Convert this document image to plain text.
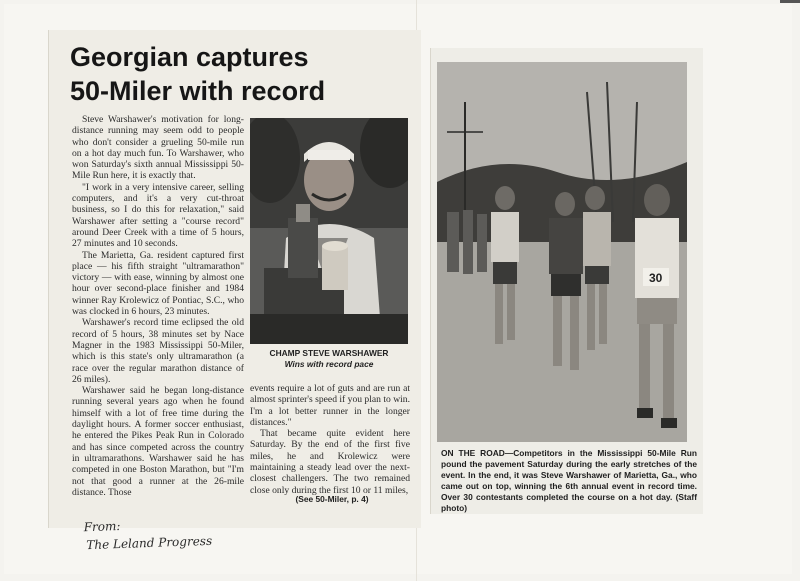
Georgian captures
50-Miler with record

Steve Warshawer's motivation for long-distance running may seem odd to people who don't consider a grueling 50-mile run on a hot day much fun. To Warshawer, who won Saturday's sixth annual Mississippi 50-Mile Run here, it is exactly that.

"I work in a very intensive career, selling computers, and it's a very cut-throat business, so I do this for relaxation," said Warshawer after setting a "course record" around Deer Creek with a time of 5 hours, 27 minutes and 10 seconds.

The Marietta, Ga. resident captured first place — his fifth straight "ultramarathon" victory — with ease, winning by almost one hour over second-place finisher and 1984 winner Ray Krolewicz of Pontiac, S.C., who was clocked in 6 hours, 23 minutes.

Warshawer's record time eclipsed the old record of 5 hours, 38 minutes set by Nace Magner in the 1983 Mississippi 50-Miler, which is this state's only ultramarathon (a race over the regular marathon distance of 26 miles).

Warshawer said he began long-distance running several years ago when he found himself with a lot of free time during the daylight hours. A former soccer enthusiast, he entered the Pikes Peak Run in Colorado and has since competed across the country in ultramarathons. Warshawer said he has competed in one Boston Marathon, but "I'm not that good a runner at the 26-mile distance. Those

CHAMP STEVE WARSHAWER
Wins with record pace

events require a lot of guts and are run at almost sprinter's speed if you plan to win. I'm a lot better runner in the longer distances."

That became quite evident here Saturday. By the end of the first five miles, he and Krolewicz were maintaining a steady lead over the next-closest challengers. The two remained close only during the first 10 or 11 miles,

(See 50-Miler, p. 4)
30
ON THE ROAD—Competitors in the Mississippi 50-Mile Run pound the pavement Saturday during the early stretches of the event. In the end, it was Steve Warshawer of Marietta, Ga., who came out on top, winning the 6th annual event in record time. Over 30 contestants completed the course on a hot day. (Staff photo)
From:
The Leland Progress
